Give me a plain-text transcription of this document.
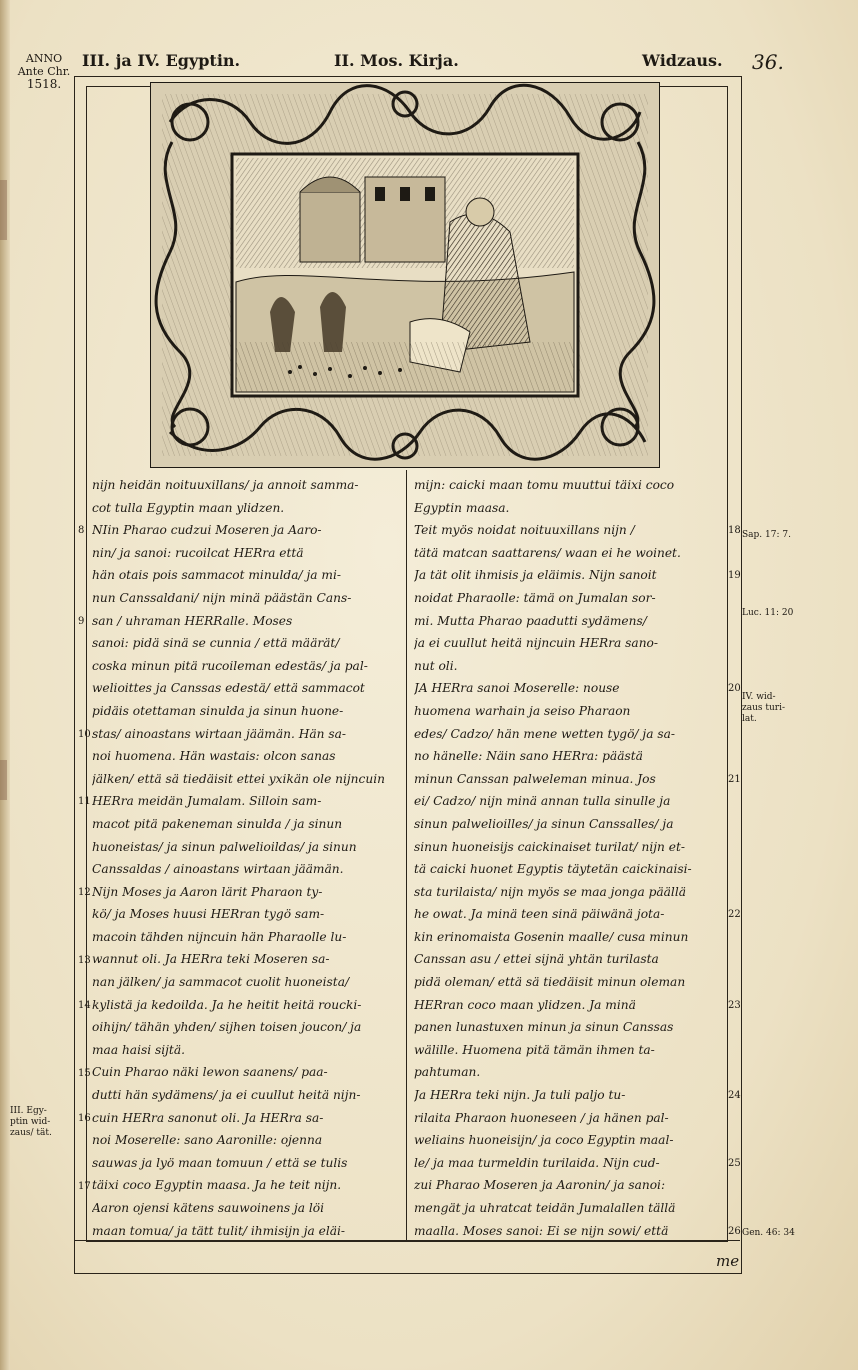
ANNO
Ante Chr.
1518.
III. ja IV. Egyptin.	II. Mos. Kirja.	Widzaus. 36.

nijn heidän noituuxillans/ ja annoit samma-

cot tulla Egyptin maan ylidzen.

NIin Pharao cudzui Moseren ja Aaro-

nin/ ja sanoi: rucoilcat HERra että

hän otais pois sammacot minulda/ ja mi-

nun Canssaldani/ nijn minä päästän Cans-

san / uhraman HERRalle. Moses

sanoi: pidä sinä se cunnia / että määrät/

coska minun pitä rucoileman edestäs/ ja pal-

welioittes ja Canssas edestä/ että sammacot

pidäis otettaman sinulda ja sinun huone-

stas/ ainoastans wirtaan jäämän. Hän sa-

noi huomena. Hän wastais: olcon sanas

jälken/ että sä tiedäisit ettei yxikän ole nijncuin

HERra meidän Jumalam. Silloin sam-

macot pitä pakeneman sinulda / ja sinun

huoneistas/ ja sinun palwelioildas/ ja sinun

Canssaldas / ainoastans wirtaan jäämän.

Nijn Moses ja Aaron lärit Pharaon ty-

kö/ ja Moses huusi HERran tygö sam-

macoin tähden nijncuin hän Pharaolle lu-

wannut oli. Ja HERra teki Moseren sa-

nan jälken/ ja sammacot cuolit huoneista/

kylistä ja kedoilda. Ja he heitit heitä roucki-

oihijn/ tähän yhden/ sijhen toisen joucon/ ja

maa haisi sijtä.

Cuin Pharao näki lewon saanens/ paa-

dutti hän sydämens/ ja ei cuullut heitä nijn-

cuin HERra sanonut oli. Ja HERra sa-

noi Moserelle: sano Aaronille: ojenna

sauwas ja lyö maan tomuun / että se tulis

täixi coco Egyptin maasa. Ja he teit nijn.

Aaron ojensi kätens sauwoinens ja löi

maan tomua/ ja tätt tulit/ ihmisijn ja eläi-

mijn: caicki maan tomu muuttui täixi coco

Egyptin maasa.

Teit myös noidat noituuxillans nijn /

tätä matcan saattarens/ waan ei he woinet.

Ja tät olit ihmisis ja eläimis. Nijn sanoit

noidat Pharaolle: tämä on Jumalan sor-

mi. Mutta Pharao paadutti sydämens/

ja ei cuullut heitä nijncuin HERra sano-

nut oli.

JA HERra sanoi Moserelle: nouse

huomena warhain ja seiso Pharaon

edes/ Cadzo/ hän mene wetten tygö/ ja sa-

no hänelle: Näin sano HERra: päästä

minun Canssan palweleman minua. Jos

ei/ Cadzo/ nijn minä annan tulla sinulle ja

sinun palwelioilles/ ja sinun Canssalles/ ja

sinun huoneisijs caickinaiset turilat/ nijn et-

tä caicki huonet Egyptis täytetän caickinaisi-

sta turilaista/ nijn myös se maa jonga päällä

he owat. Ja minä teen sinä päiwänä jota-

kin erinomaista Gosenin maalle/ cusa minun

Canssan asu / ettei sijnä yhtän turilasta

pidä oleman/ että sä tiedäisit minun oleman

HERran coco maan ylidzen. Ja minä

panen lunastuxen minun ja sinun Canssas

wälille. Huomena pitä tämän ihmen ta-

pahtuman.

Ja HERra teki nijn. Ja tuli paljo tu-

rilaita Pharaon huoneseen / ja hänen pal-

weliains huoneisijn/ ja coco Egyptin maal-

le/ ja maa turmeldin turilaida. Nijn cud-

zui Pharao Moseren ja Aaronin/ ja sanoi:

mengät ja uhratcat teidän Jumalallen tällä

maalla. Moses sanoi: Ei se nijn sowi/ että

8
9
10
11
12
13
14
15
16
17
18
19
20
21
22
23
24
25
26
Sap. 17: 7.
Luc. 11: 20
IV. wid-
zaus turi-
lat.
Gen. 46: 34
III. Egy-
ptin wid-
zaus/ tät.
me
